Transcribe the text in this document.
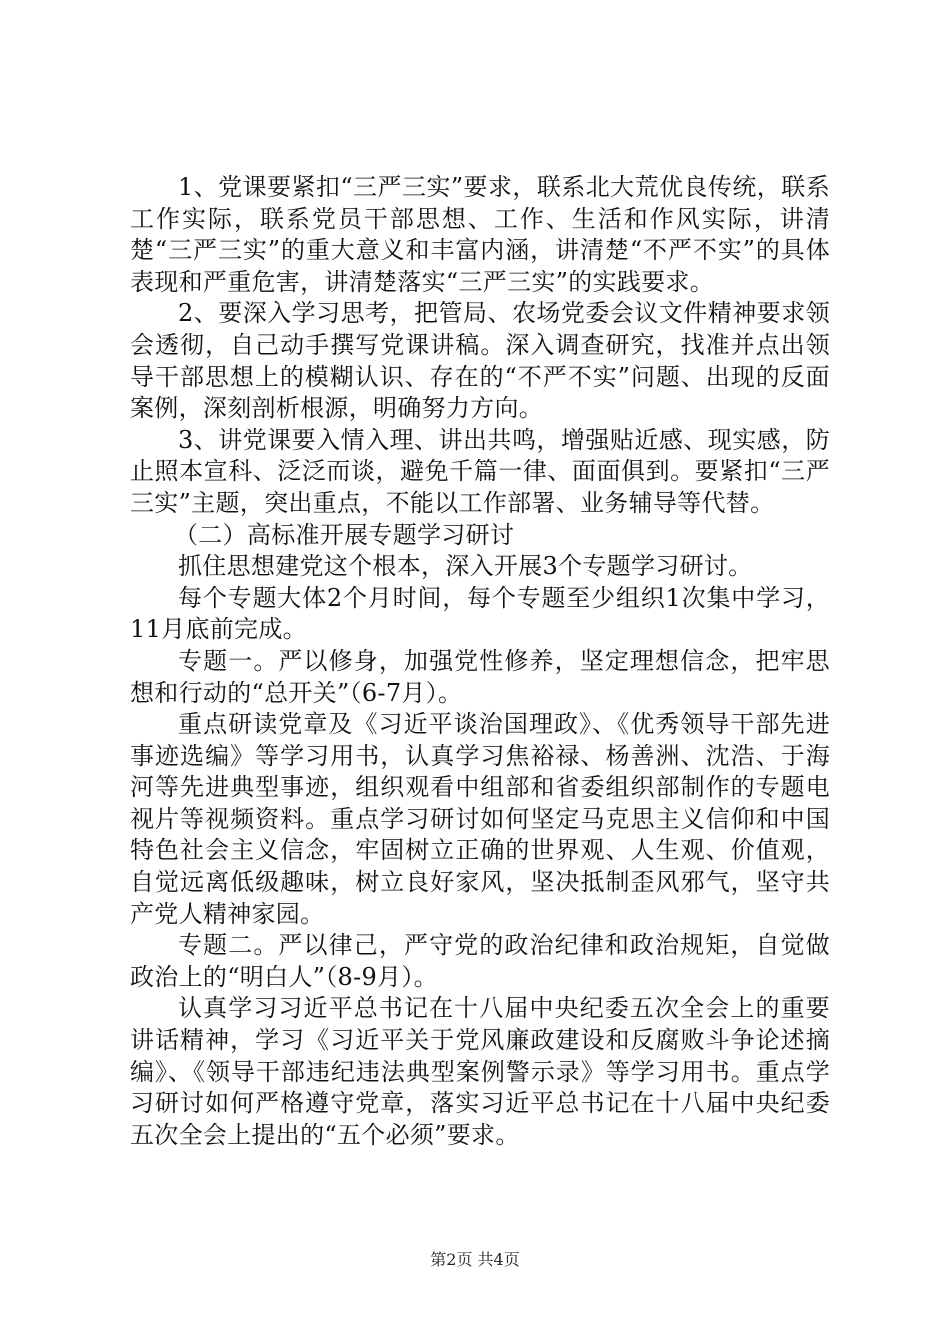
1、党课要紧扣“三严三实”要求，联系北大荒优良传统，联系工作实际，联系党员干部思想、工作、生活和作风实际，讲清楚“三严三实”的重大意义和丰富内涵，讲清楚“不严不实”的具体表现和严重危害，讲清楚落实“三严三实”的实践要求。

2、要深入学习思考，把管局、农场党委会议文件精神要求领会透彻，自己动手撰写党课讲稿。深入调查研究，找准并点出领导干部思想上的模糊认识、存在的“不严不实”问题、出现的反面案例，深刻剖析根源，明确努力方向。

3、讲党课要入情入理、讲出共鸣，增强贴近感、现实感，防止照本宣科、泛泛而谈，避免千篇一律、面面俱到。要紧扣“三严三实”主题，突出重点，不能以工作部署、业务辅导等代替。

（二）高标准开展专题学习研讨

抓住思想建党这个根本，深入开展3个专题学习研讨。

每个专题大体2个月时间，每个专题至少组织1次集中学习，11月底前完成。

专题一。严以修身，加强党性修养，坚定理想信念，把牢思想和行动的“总开关”（6-7月）。

重点研读党章及《习近平谈治国理政》、《优秀领导干部先进事迹选编》等学习用书，认真学习焦裕禄、杨善洲、沈浩、于海河等先进典型事迹，组织观看中组部和省委组织部制作的专题电视片等视频资料。重点学习研讨如何坚定马克思主义信仰和中国特色社会主义信念，牢固树立正确的世界观、人生观、价值观，自觉远离低级趣味，树立良好家风，坚决抵制歪风邪气，坚守共产党人精神家园。

专题二。严以律己，严守党的政治纪律和政治规矩，自觉做政治上的“明白人”（8-9月）。

认真学习习近平总书记在十八届中央纪委五次全会上的重要讲话精神，学习《习近平关于党风廉政建设和反腐败斗争论述摘编》、《领导干部违纪违法典型案例警示录》等学习用书。重点学习研讨如何严格遵守党章，落实习近平总书记在十八届中央纪委五次全会上提出的“五个必须”要求。

第2页 共4页
